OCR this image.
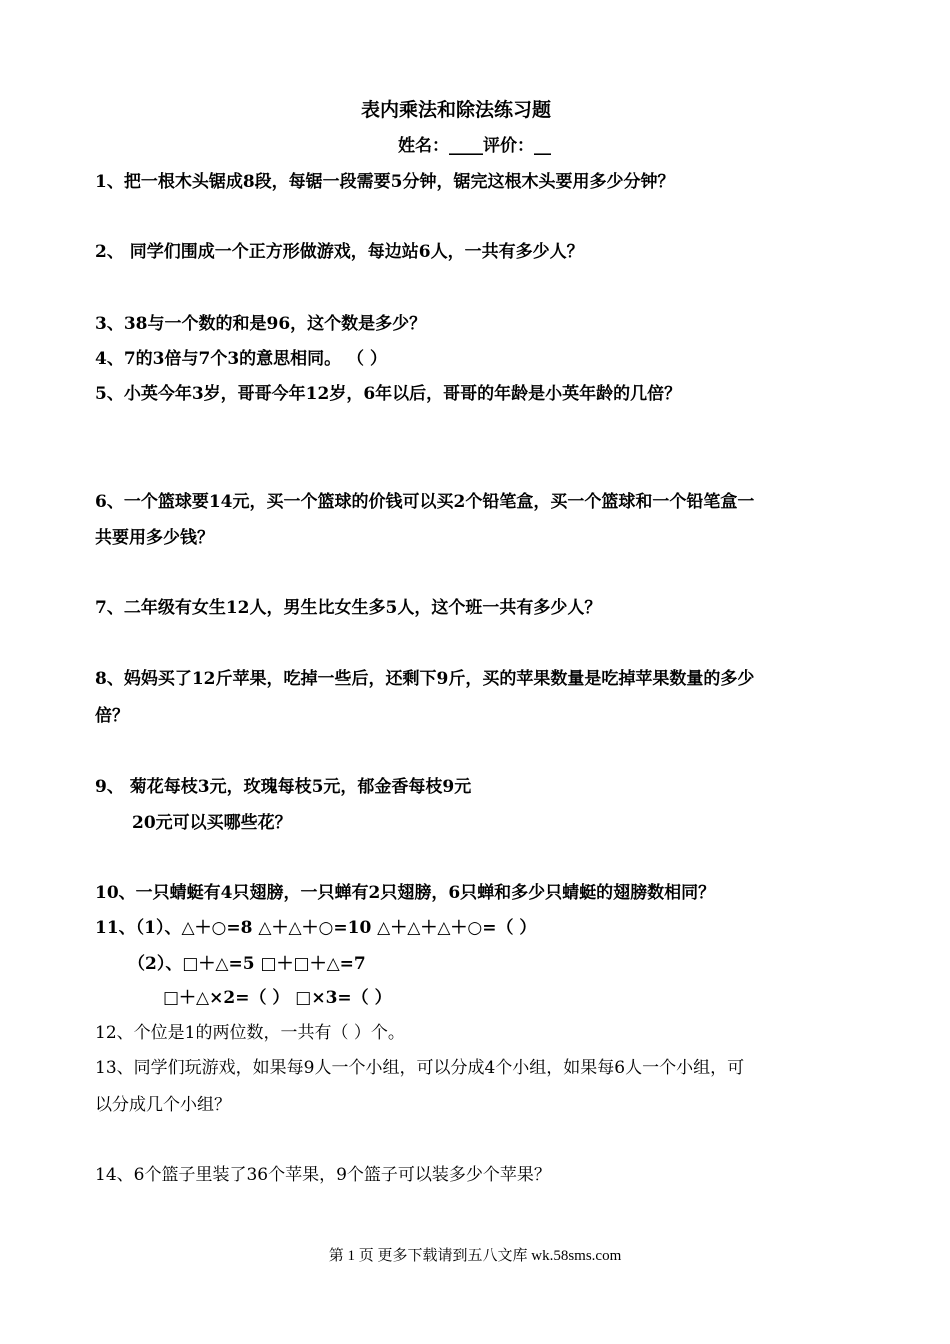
表内乘法和除法练习题
姓名：____评价：__
1、把一根木头锯成8段，每锯一段需要5分钟，锯完这根木头要用多少分钟？
2、 同学们围成一个正方形做游戏，每边站6人，一共有多少人？
3、38与一个数的和是96，这个数是多少？
4、7的3倍与7个3的意思相同。 （ ）
5、小英今年3岁，哥哥今年12岁，6年以后，哥哥的年龄是小英年龄的几倍？
6、一个篮球要14元，买一个篮球的价钱可以买2个铅笔盒，买一个篮球和一个铅笔盒一
共要用多少钱？
7、二年级有女生12人，男生比女生多5人，这个班一共有多少人？
8、妈妈买了12斤苹果，吃掉一些后，还剩下9斤，买的苹果数量是吃掉苹果数量的多少
倍？
9、 菊花每枝3元，玫瑰每枝5元，郁金香每枝9元
20元可以买哪些花？
10、一只蜻蜓有4只翅膀，一只蝉有2只翅膀，6只蝉和多少只蜻蜓的翅膀数相同？
11、（1）、△＋○=8 △＋△＋○=10 △＋△＋△＋○=（ ）
（2）、□＋△=5 □＋□＋△=7
□＋△×2=（ ） □×3=（ ）
12、个位是1的两位数，一共有（ ）个。
13、同学们玩游戏，如果每9人一个小组，可以分成4个小组，如果每6人一个小组，可
以分成几个小组？
14、6个篮子里装了36个苹果，9个篮子可以装多少个苹果？
第 1 页 更多下载请到五八文库 wk.58sms.com
